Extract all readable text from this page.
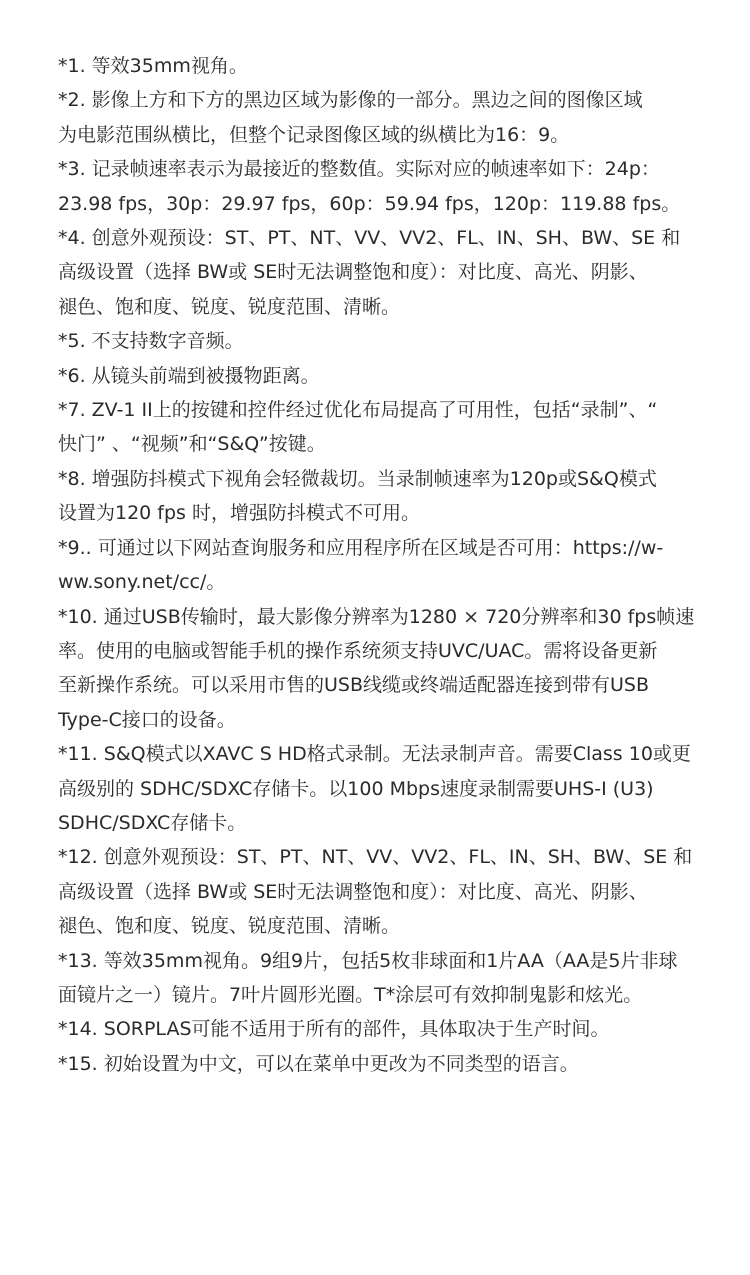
*1. 等效35mm视角。
*2. 影像上方和下方的黑边区域为影像的一部分。黑边之间的图像区域
为电影范围纵横比，但整个记录图像区域的纵横比为16：9。
*3. 记录帧速率表示为最接近的整数值。实际对应的帧速率如下：24p：
23.98 fps，30p：29.97 fps，60p：59.94 fps，120p：119.88 fps。
*4. 创意外观预设：ST、PT、NT、VV、VV2、FL、IN、SH、BW、SE 和
高级设置（选择 BW或 SE时无法调整饱和度）：对比度、高光、阴影、
褪色、饱和度、锐度、锐度范围、清晰。
*5. 不支持数字音频。
*6. 从镜头前端到被摄物距离。
*7. ZV-1 II上的按键和控件经过优化布局提高了可用性，包括“录制”、“
快门” 、“视频”和“S&Q”按键。
*8. 增强防抖模式下视角会轻微裁切。当录制帧速率为120p或S&Q模式
设置为120 fps 时，增强防抖模式不可用。
*9.. 可通过以下网站查询服务和应用程序所在区域是否可用：https://w-
ww.sony.net/cc/。
*10. 通过USB传输时，最大影像分辨率为1280 × 720分辨率和30 fps帧速
率。使用的电脑或智能手机的操作系统须支持UVC/UAC。需将设备更新
至新操作系统。可以采用市售的USB线缆或终端适配器连接到带有USB
Type-C接口的设备。
*11. S&Q模式以XAVC S HD格式录制。无法录制声音。需要Class 10或更
高级别的 SDHC/SDXC存储卡。以100 Mbps速度录制需要UHS-I (U3)
SDHC/SDXC存储卡。
*12. 创意外观预设：ST、PT、NT、VV、VV2、FL、IN、SH、BW、SE 和
高级设置（选择 BW或 SE时无法调整饱和度）：对比度、高光、阴影、
褪色、饱和度、锐度、锐度范围、清晰。
*13. 等效35mm视角。9组9片，包括5枚非球面和1片AA（AA是5片非球
面镜片之一）镜片。7叶片圆形光圈。T*涂层可有效抑制鬼影和炫光。
*14. SORPLAS可能不适用于所有的部件，具体取决于生产时间。
*15. 初始设置为中文，可以在菜单中更改为不同类型的语言。
